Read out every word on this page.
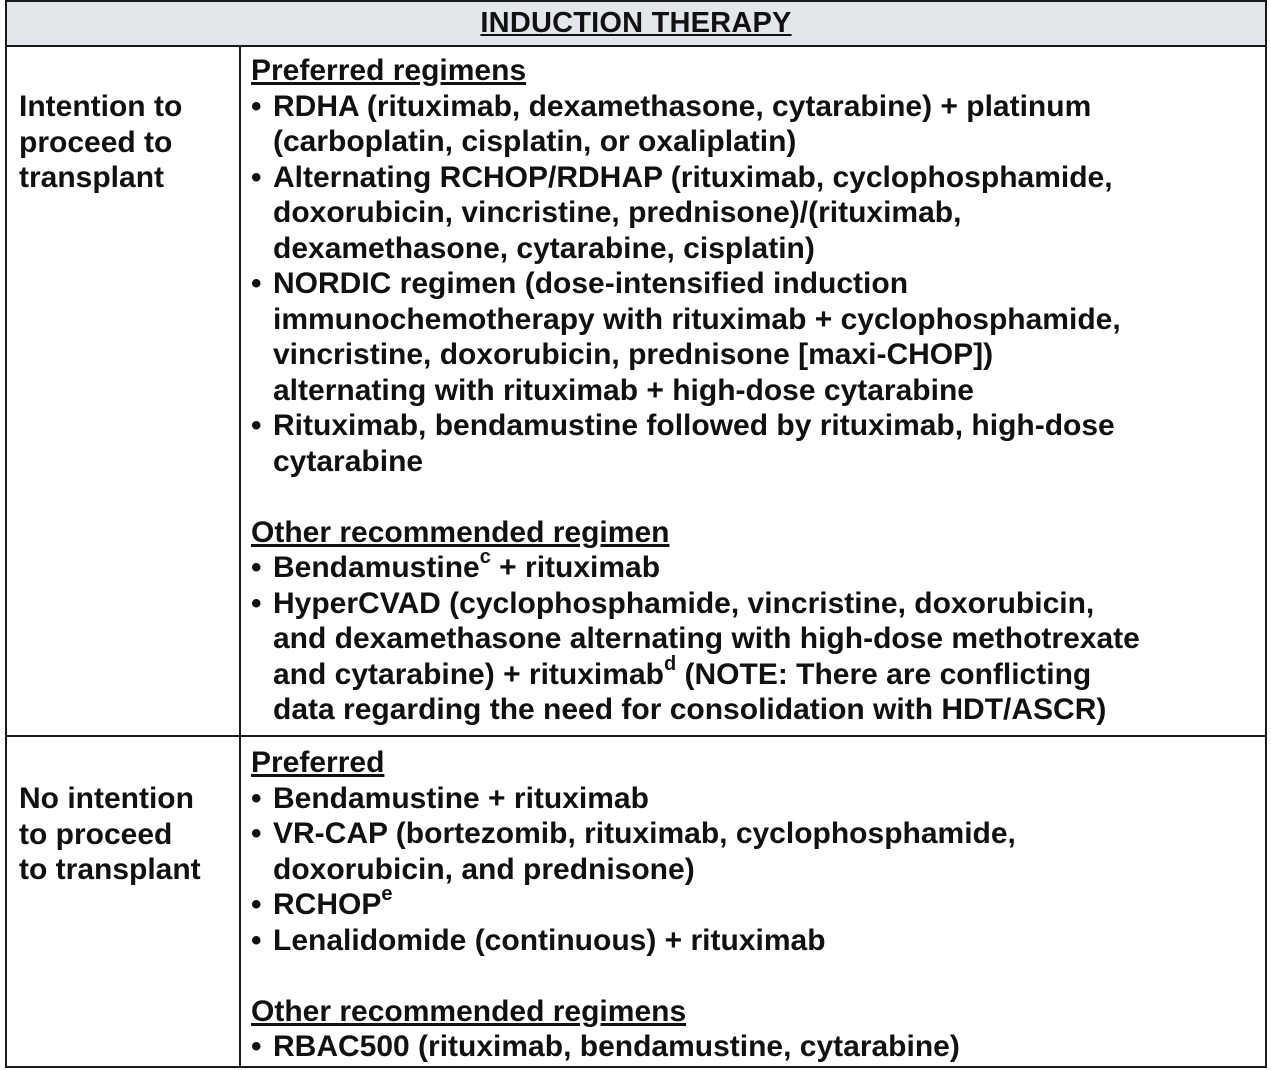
INDUCTION THERAPY
Intention to
proceed to
transplant
Preferred regimens
• RDHA (rituximab, dexamethasone, cytarabine) + platinum
(carboplatin, cisplatin, or oxaliplatin)
• Alternating RCHOP/RDHAP (rituximab, cyclophosphamide,
doxorubicin, vincristine, prednisone)/(rituximab,
dexamethasone, cytarabine, cisplatin)
• NORDIC regimen (dose-intensified induction
immunochemotherapy with rituximab + cyclophosphamide,
vincristine, doxorubicin, prednisone [maxi-CHOP])
alternating with rituximab + high-dose cytarabine
• Rituximab, bendamustine followed by rituximab, high-dose
cytarabine
Other recommended regimen
• Bendamustine$^c$ + rituximab
• HyperCVAD (cyclophosphamide, vincristine, doxorubicin,
and dexamethasone alternating with high-dose methotrexate
and cytarabine) + rituximab$^d$ (NOTE: There are conflicting
data regarding the need for consolidation with HDT/ASCR)
No intention
to proceed
to transplant
Preferred
• Bendamustine + rituximab
• VR-CAP (bortezomib, rituximab, cyclophosphamide,
doxorubicin, and prednisone)
• RCHOP$^e$
• Lenalidomide (continuous) + rituximab
Other recommended regimens
• RBAC500 (rituximab, bendamustine, cytarabine)
